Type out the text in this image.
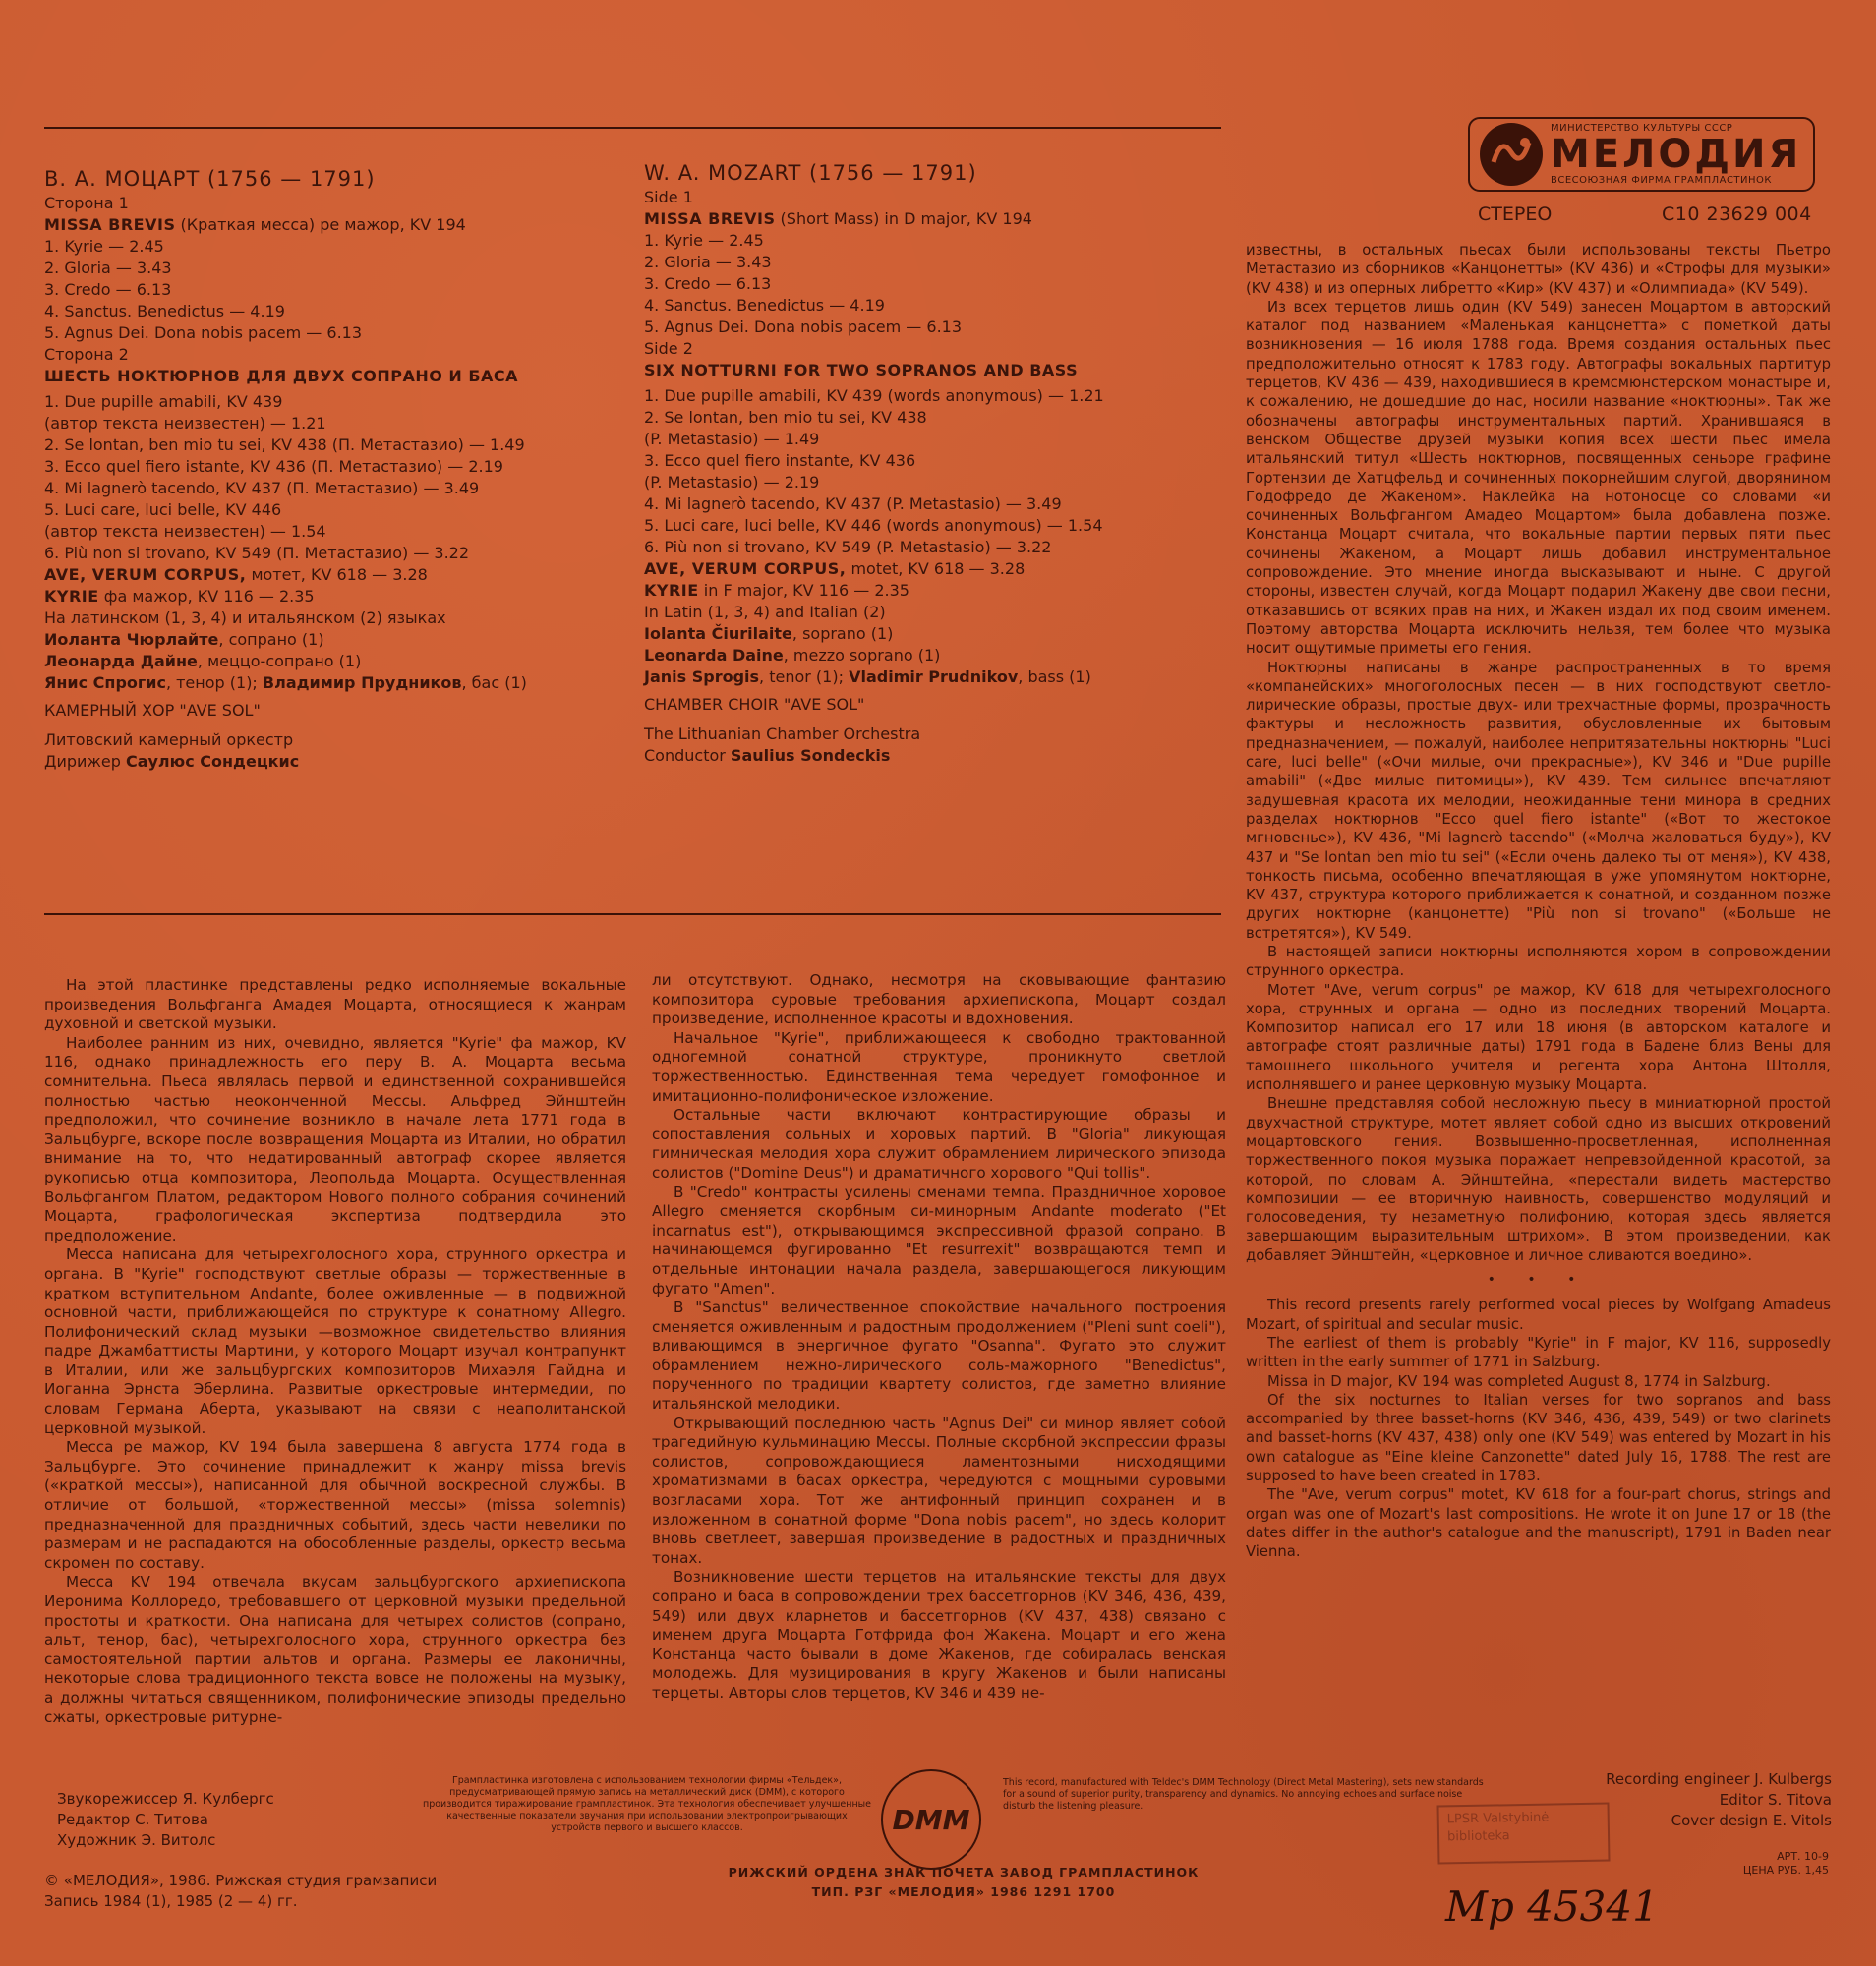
МИНИСТЕРСТВО КУЛЬТУРЫ СССР
МЕЛОДИЯ
ВСЕСОЮЗНАЯ ФИРМА ГРАМПЛАСТИНОК
СТЕРЕО	С10 23629 004

В. А. МОЦАРТ (1756 — 1791)

Сторона 1

MISSA BREVIS (Краткая месса) ре мажор, KV 194

1. Kyrie — 2.45

2. Gloria — 3.43

3. Credo — 6.13

4. Sanctus. Benedictus — 4.19

5. Agnus Dei. Dona nobis pacem — 6.13

Сторона 2

ШЕСТЬ НОКТЮРНОВ ДЛЯ ДВУХ СОПРАНО И БАСА

1. Due pupille amabili, KV 439

(автор текста неизвестен) — 1.21

2. Se lontan, ben mio tu sei, KV 438 (П. Метастазио) — 1.49

3. Ecco quel fiero istante, KV 436 (П. Метастазио) — 2.19

4. Mi lagnerò tacendo, KV 437 (П. Метастазио) — 3.49

5. Luci care, luci belle, KV 446

(автор текста неизвестен) — 1.54

6. Più non si trovano, KV 549 (П. Метастазио) — 3.22

AVE, VERUM CORPUS, мотет, KV 618 — 3.28

KYRIE фа мажор, KV 116 — 2.35

На латинском (1, 3, 4) и итальянском (2) языках

Иоланта Чюрлайте, сопрано (1)

Леонарда Дайне, меццо-сопрано (1)

Янис Спрогис, тенор (1); Владимир Прудников, бас (1)

КАМЕРНЫЙ ХОР "AVE SOL"

Литовский камерный оркестр

Дирижер Саулюс Сондецкис

W. A. MOZART (1756 — 1791)

Side 1

MISSA BREVIS (Short Mass) in D major, KV 194

1. Kyrie — 2.45

2. Gloria — 3.43

3. Credo — 6.13

4. Sanctus. Benedictus — 4.19

5. Agnus Dei. Dona nobis pacem — 6.13

Side 2

SIX NOTTURNI FOR TWO SOPRANOS AND BASS

1. Due pupille amabili, KV 439 (words anonymous) — 1.21

2. Se lontan, ben mio tu sei, KV 438

(P. Metastasio) — 1.49

3. Ecco quel fiero instante, KV 436

(P. Metastasio) — 2.19

4. Mi lagnerò tacendo, KV 437 (P. Metastasio) — 3.49

5. Luci care, luci belle, KV 446 (words anonymous) — 1.54

6. Più non si trovano, KV 549 (P. Metastasio) — 3.22

AVE, VERUM CORPUS, motet, KV 618 — 3.28

KYRIE in F major, KV 116 — 2.35

In Latin (1, 3, 4) and Italian (2)

Iolanta Čiurilaite, soprano (1)

Leonarda Daine, mezzo soprano (1)

Janis Sprogis, tenor (1); Vladimir Prudnikov, bass (1)

CHAMBER CHOIR "AVE SOL"

The Lithuanian Chamber Orchestra

Conductor Saulius Sondeckis

На этой пластинке представлены редко исполняемые вокальные произведения Вольфганга Амадея Моцарта, относящиеся к жанрам духовной и светской музыки.

Наиболее ранним из них, очевидно, является "Kyrie" фа мажор, KV 116, однако принадлежность его перу В. А. Моцарта весьма сомнительна. Пьеса являлась первой и единственной сохранившейся полностью частью неоконченной Мессы. Альфред Эйнштейн предположил, что сочинение возникло в начале лета 1771 года в Зальцбурге, вскоре после возвращения Моцарта из Италии, но обратил внимание на то, что недатированный автограф скорее является рукописью отца композитора, Леопольда Моцарта. Осуществленная Вольфгангом Платом, редактором Нового полного собрания сочинений Моцарта, графологическая экспертиза подтвердила это предположение.

Месса написана для четырехголосного хора, струнного оркестра и органа. В "Kyrie" господствуют светлые образы — торжественные в кратком вступительном Andante, более оживленные — в подвижной основной части, приближающейся по структуре к сонатному Allegro. Полифонический склад музыки —возможное свидетельство влияния падре Джамбаттисты Мартини, у которого Моцарт изучал контрапункт в Италии, или же зальцбургских композиторов Михаэля Гайдна и Иоганна Эрнста Эберлина. Развитые оркестровые интермедии, по словам Германа Аберта, указывают на связи с неаполитанской церковной музыкой.

Месса ре мажор, KV 194 была завершена 8 августа 1774 года в Зальцбурге. Это сочинение принадлежит к жанру missa brevis («краткой мессы»), написанной для обычной воскресной службы. В отличие от большой, «торжественной мессы» (missa solemnis) предназначенной для праздничных событий, здесь части невелики по размерам и не распадаются на обособленные разделы, оркестр весьма скромен по составу.

Месса KV 194 отвечала вкусам зальцбургского архиепископа Иеронима Коллоредо, требовавшего от церковной музыки предельной простоты и краткости. Она написана для четырех солистов (сопрано, альт, тенор, бас), четырехголосного хора, струнного оркестра без самостоятельной партии альтов и органа. Размеры ее лаконичны, некоторые слова традиционного текста вовсе не положены на музыку, а должны читаться священником, полифонические эпизоды предельно сжаты, оркестровые ритурне-

ли отсутствуют. Однако, несмотря на сковывающие фантазию композитора суровые требования архиепископа, Моцарт создал произведение, исполненное красоты и вдохновения.

Начальное "Kyrie", приближающееся к свободно трактованной одногемной сонатной структуре, проникнуто светлой торжественностью. Единственная тема чередует гомофонное и имитационно-полифоническое изложение.

Остальные части включают контрастирующие образы и сопоставления сольных и хоровых партий. В "Gloria" ликующая гимническая мелодия хора служит обрамлением лирического эпизода солистов ("Domine Deus") и драматичного хорового "Qui tollis".

В "Credo" контрасты усилены сменами темпа. Праздничное хоровое Allegro сменяется скорбным си-минорным Andante moderato ("Et incarnatus est"), открывающимся экспрессивной фразой сопрано. В начинающемся фугированно "Et resurrexit" возвращаются темп и отдельные интонации начала раздела, завершающегося ликующим фугато "Amen".

В "Sanctus" величественное спокойствие начального построения сменяется оживленным и радостным продолжением ("Pleni sunt coeli"), вливающимся в энергичное фугато "Osanna". Фугато это служит обрамлением нежно-лирического соль-мажорного "Benedictus", порученного по традиции квартету солистов, где заметно влияние итальянской мелодики.

Открывающий последнюю часть "Agnus Dei" си минор являет собой трагедийную кульминацию Мессы. Полные скорбной экспрессии фразы солистов, сопровождающиеся ламентозными нисходящими хроматизмами в басах оркестра, чередуются с мощными суровыми возгласами хора. Тот же антифонный принцип сохранен и в изложенном в сонатной форме "Dona nobis pacem", но здесь колорит вновь светлеет, завершая произведение в радостных и праздничных тонах.

Возникновение шести терцетов на итальянские тексты для двух сопрано и баса в сопровождении трех бассетгорнов (KV 346, 436, 439, 549) или двух кларнетов и бассетгорнов (KV 437, 438) связано с именем друга Моцарта Готфрида фон Жакена. Моцарт и его жена Констанца часто бывали в доме Жакенов, где собиралась венская молодежь. Для музицирования в кругу Жакенов и были написаны терцеты. Авторы слов терцетов, KV 346 и 439 не-

известны, в остальных пьесах были использованы тексты Пьетро Метастазио из сборников «Канцонетты» (KV 436) и «Строфы для музыки» (KV 438) и из оперных либретто «Кир» (KV 437) и «Олимпиада» (KV 549).

Из всех терцетов лишь один (KV 549) занесен Моцартом в авторский каталог под названием «Маленькая канцонетта» с пометкой даты возникновения — 16 июля 1788 года. Время создания остальных пьес предположительно относят к 1783 году. Автографы вокальных партитур терцетов, KV 436 — 439, находившиеся в кремсмюнстерском монастыре и, к сожалению, не дошедшие до нас, носили название «ноктюрны». Так же обозначены автографы инструментальных партий. Хранившаяся в венском Обществе друзей музыки копия всех шести пьес имела итальянский титул «Шесть ноктюрнов, посвященных сеньоре графине Гортензии де Хатцфельд и сочиненных покорнейшим слугой, дворянином Годофредо де Жакеном». Наклейка на нотоносце со словами «и сочиненных Вольфгангом Амадео Моцартом» была добавлена позже. Констанца Моцарт считала, что вокальные партии первых пяти пьес сочинены Жакеном, а Моцарт лишь добавил инструментальное сопровождение. Это мнение иногда высказывают и ныне. С другой стороны, известен случай, когда Моцарт подарил Жакену две свои песни, отказавшись от всяких прав на них, и Жакен издал их под своим именем. Поэтому авторства Моцарта исключить нельзя, тем более что музыка носит ощутимые приметы его гения.

Ноктюрны написаны в жанре распространенных в то время «компанейских» многоголосных песен — в них господствуют светло-лирические образы, простые двух- или трехчастные формы, прозрачность фактуры и несложность развития, обусловленные их бытовым предназначением, — пожалуй, наиболее непритязательны ноктюрны "Luci care, luci belle" («Очи милые, очи прекрасные»), KV 346 и "Due pupille amabili" («Две милые питомицы»), KV 439. Тем сильнее впечатляют задушевная красота их мелодии, неожиданные тени минора в средних разделах ноктюрнов "Ecco quel fiero istante" («Вот то жестокое мгновенье»), KV 436, "Mi lagnerò tacendo" («Молча жаловаться буду»), KV 437 и "Se lontan ben mio tu sei" («Если очень далеко ты от меня»), KV 438, тонкость письма, особенно впечатляющая в уже упомянутом ноктюрне, KV 437, структура которого приближается к сонатной, и созданном позже других ноктюрне (канцонетте) "Più non si trovano" («Больше не встретятся»), KV 549.

В настоящей записи ноктюрны исполняются хором в сопровождении струнного оркестра.

Мотет "Ave, verum corpus" ре мажор, KV 618 для четырехголосного хора, струнных и органа — одно из последних творений Моцарта. Композитор написал его 17 или 18 июня (в авторском каталоге и автографе стоят различные даты) 1791 года в Бадене близ Вены для тамошнего школьного учителя и регента хора Антона Штолля, исполнявшего и ранее церковную музыку Моцарта.

Внешне представляя собой несложную пьесу в миниатюрной простой двухчастной структуре, мотет являет собой одно из высших откровений моцартовского гения. Возвышенно-просветленная, исполненная торжественного покоя музыка поражает непревзойденной красотой, за которой, по словам А. Эйнштейна, «перестали видеть мастерство композиции — ее вторичную наивность, совершенство модуляций и голосоведения, ту незаметную полифонию, которая здесь является завершающим выразительным штрихом». В этом произведении, как добавляет Эйнштейн, «церковное и личное сливаются воедино».

• • •

This record presents rarely performed vocal pieces by Wolfgang Amadeus Mozart, of spiritual and secular music.

The earliest of them is probably "Kyrie" in F major, KV 116, supposedly written in the early summer of 1771 in Salzburg.

Missa in D major, KV 194 was completed August 8, 1774 in Salzburg.

Of the six nocturnes to Italian verses for two sopranos and bass accompanied by three basset-horns (KV 346, 436, 439, 549) or two clarinets and basset-horns (KV 437, 438) only one (KV 549) was entered by Mozart in his own catalogue as "Eine kleine Canzonette" dated July 16, 1788. The rest are supposed to have been created in 1783.

The "Ave, verum corpus" motet, KV 618 for a four-part chorus, strings and organ was one of Mozart's last compositions. He wrote it on June 17 or 18 (the dates differ in the author's catalogue and the manuscript), 1791 in Baden near Vienna.

Звукорежиссер Я. Кулбергс
Редактор С. Титова
Художник Э. Витолс
Грампластинка изготовлена с использованием технологии фирмы «Тельдек», предусматривающей прямую запись на металлический диск (DMM), с которого производится тиражирование грампластинок. Эта технология обеспечивает улучшенные качественные показатели звучания при использовании электропроигрывающих устройств первого и высшего классов.	DMM
This record, manufactured with Teldec's DMM Technology (Direct Metal Mastering), sets new standards for a sound of superior purity, transparency and dynamics. No annoying echoes and surface noise disturb the listening pleasure.
Recording engineer J. Kulbergs
Editor S. Titova
Cover design E. Vitols
LPSR Valstybinė
biblioteka
© «МЕЛОДИЯ», 1986. Рижская студия грамзаписи
Запись 1984 (1), 1985 (2 — 4) гг.
РИЖСКИЙ ОРДЕНА ЗНАК ПОЧЕТА ЗАВОД ГРАМПЛАСТИНОК
ТИП. РЗГ «МЕЛОДИЯ» 1986 1291 1700
АРТ. 10-9
ЦЕНА РУБ. 1,45
Мр 45341
